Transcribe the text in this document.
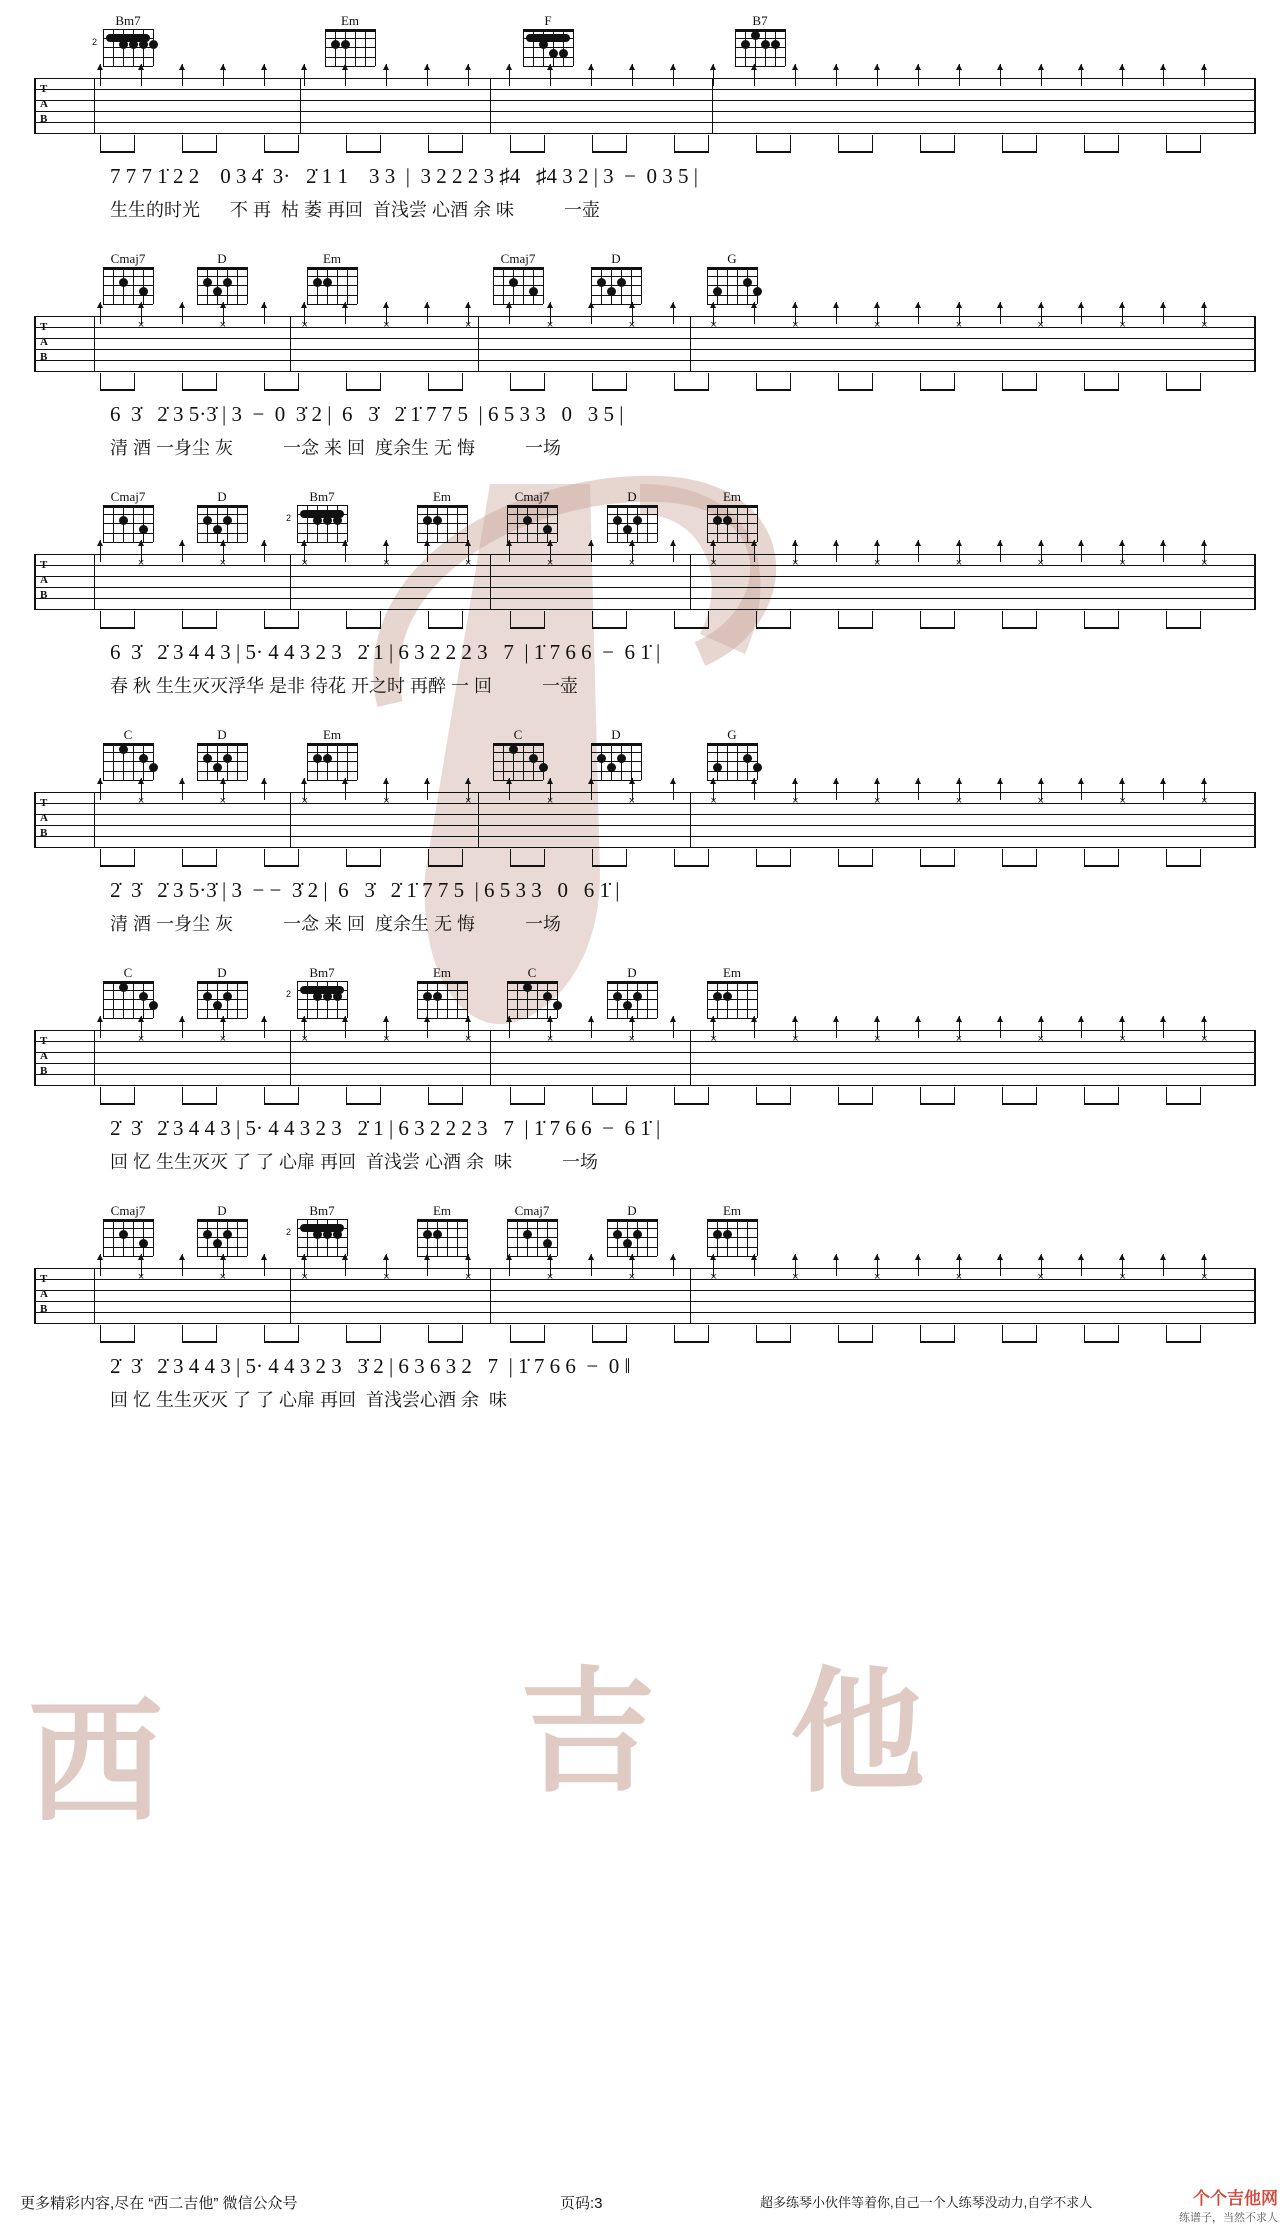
西	吉 他
Bm7
2
Em	F	B7
T
A
B
7 7 7 1̇ 2 2    0 3 4̇  3·   2̇ 1 1    3 3  |  3 2 2 2 3 ♯4   ♯4 3 2 | 3  −  0 3 5 |
生生的时光      不 再  枯 萎 再回  首浅尝 心酒 余 味          一壶
Cmaj7	D	Em	Cmaj7	D	G
T
A
B
×	×	×	×	×	×	×	×	×	×	×	×	×	×
6  3̇   2̇ 3 5·3̇ | 3  −  0  3̇ 2 |  6   3̇   2̇ 1̇ 7 7 5  | 6 5 3 3   0   3 5 |
清 酒 一身尘 灰          一念 来 回  度余生 无 悔          一场
Cmaj7	D	Bm7
2
Em	Cmaj7	D	Em
T
A
B
×	×	×	×	×	×	×	×	×	×	×	×	×	×
6  3̇   2̇ 3 4 4 3 | 5· 4 4 3 2 3   2̇ 1 | 6 3 2 2 2 3   7  | 1̇ 7 6 6  −  6 1̇ |
春 秋 生生灭灭浮华 是非 待花 开之时 再醉 一 回          一壶
C	D	Em	C	D	G
T
A
B
×	×	×	×	×	×	×	×	×	×	×	×	×	×
2̇  3̇   2̇ 3 5·3̇ | 3  − −  3̇ 2 |  6   3̇   2̇ 1̇ 7 7 5  | 6 5 3 3   0   6 1̇ |
清 酒 一身尘 灰          一念 来 回  度余生 无 悔          一场
C	D	Bm7
2
Em	C	D	Em
T
A
B
×	×	×	×	×	×	×	×	×	×	×	×	×	×
2̇  3̇   2̇ 3 4 4 3 | 5· 4 4 3 2 3   2̇ 1 | 6 3 2 2 2 3   7  | 1̇ 7 6 6  −  6 1̇ |
回 忆 生生灭灭 了 了 心扉 再回  首浅尝 心酒 余  味          一场
Cmaj7	D	Bm7
2
Em	Cmaj7	D	Em
T
A
B
×	×	×	×	×	×	×	×	×	×	×	×	×	×
2̇  3̇   2̇ 3 4 4 3 | 5· 4 4 3 2 3   3̇ 2 | 6 3 6 3 2   7  | 1̇ 7 6 6  −  0 ‖
回 忆 生生灭灭 了 了 心扉 再回  首浅尝心酒 余  味
更多精彩内容,尽在 “西二吉他” 微信公众号	页码:3	超多练琴小伙伴等着你,自己一个人练琴没动力,自学不求人	个个吉他网
练谱子，当然不求人
